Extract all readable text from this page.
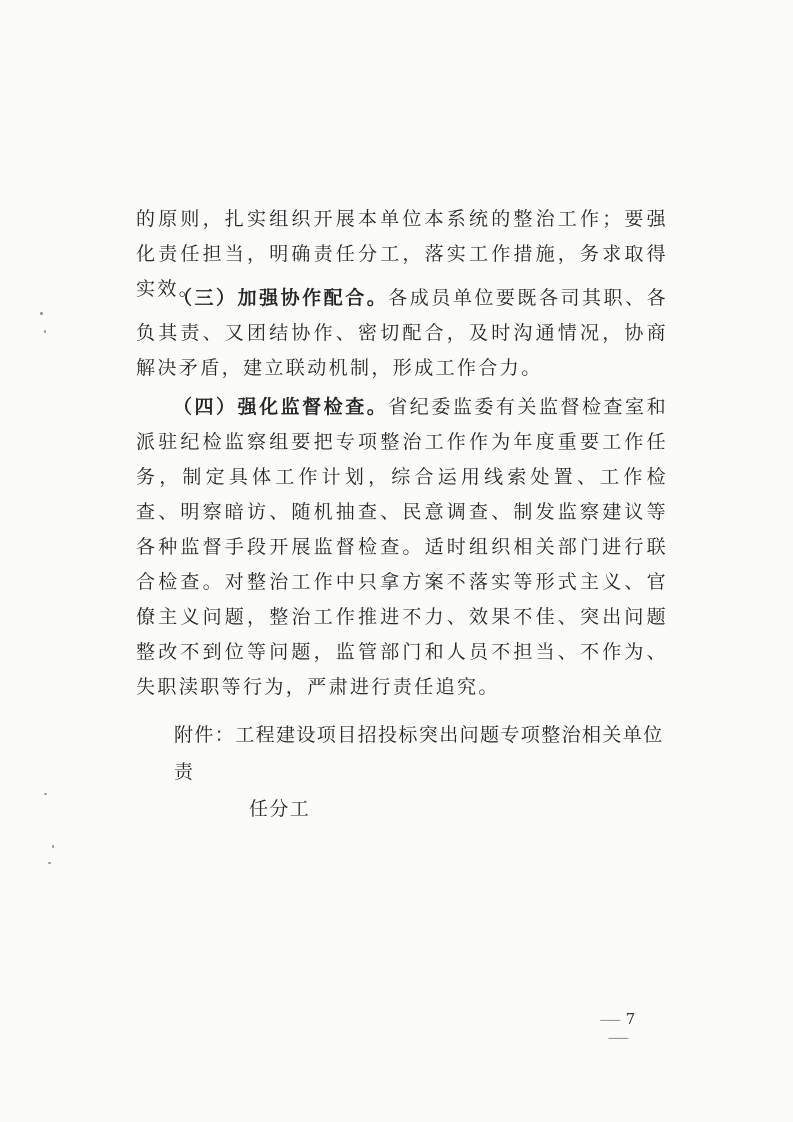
的原则，扎实组织开展本单位本系统的整治工作；要强化责任担当，明确责任分工，落实工作措施，务求取得实效。

（三）加强协作配合。各成员单位要既各司其职、各负其责、又团结协作、密切配合，及时沟通情况，协商解决矛盾，建立联动机制，形成工作合力。

（四）强化监督检查。省纪委监委有关监督检查室和派驻纪检监察组要把专项整治工作作为年度重要工作任务，制定具体工作计划，综合运用线索处置、工作检查、明察暗访、随机抽查、民意调查、制发监察建议等各种监督手段开展监督检查。适时组织相关部门进行联合检查。对整治工作中只拿方案不落实等形式主义、官僚主义问题，整治工作推进不力、效果不佳、突出问题整改不到位等问题，监管部门和人员不担当、不作为、失职渎职等行为，严肃进行责任追究。

附件：工程建设项目招投标突出问题专项整治相关单位责
任分工
—— 7 ——
